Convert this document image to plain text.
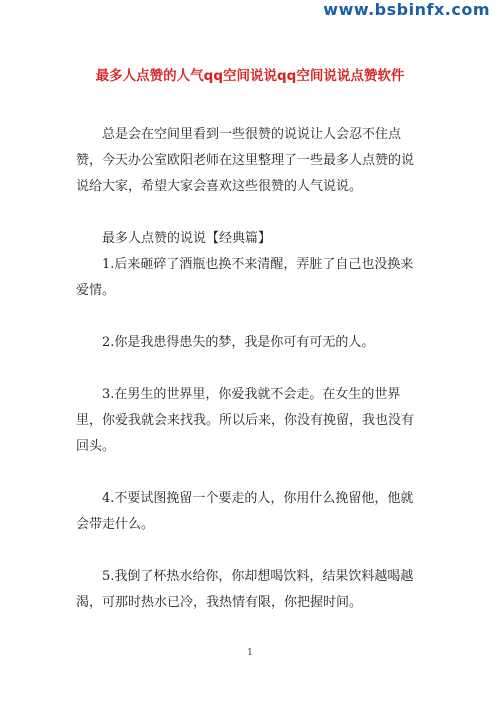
www.bsbinfx.com
最多人点赞的人气qq空间说说qq空间说说点赞软件

总是会在空间里看到一些很赞的说说让人会忍不住点赞，今天办公室欧阳老师在这里整理了一些最多人点赞的说说给大家，希望大家会喜欢这些很赞的人气说说。

最多人点赞的说说【经典篇】

1.后来砸碎了酒瓶也换不来清醒，弄脏了自己也没换来爱情。

2.你是我患得患失的梦，我是你可有可无的人。

3.在男生的世界里，你爱我就不会走。在女生的世界里，你爱我就会来找我。所以后来，你没有挽留，我也没有回头。

4.不要试图挽留一个要走的人，你用什么挽留他，他就会带走什么。

5.我倒了杯热水给你，你却想喝饮料，结果饮料越喝越渴，可那时热水已冷，我热情有限，你把握时间。

1
